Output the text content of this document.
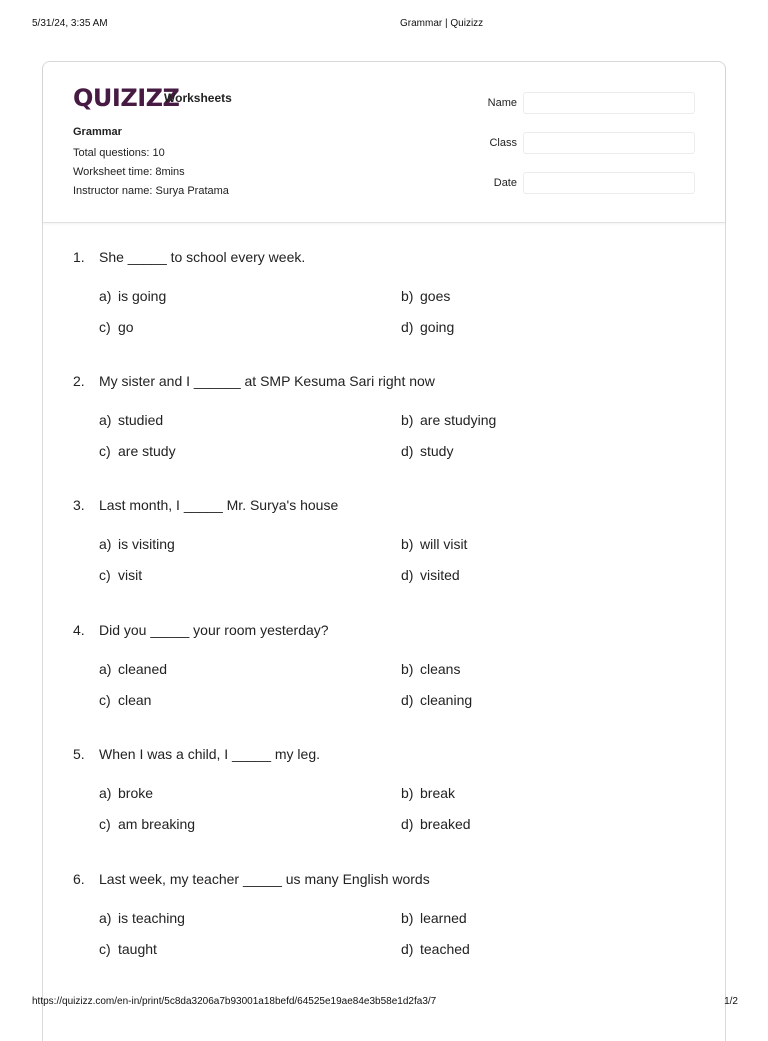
5/31/24, 3:35 AM	Grammar | Quizizz
QUIZIZZ
Worksheets
Grammar
Total questions: 10
Worksheet time: 8mins
Instructor name: Surya Pratama
Name
Class
Date
1. She _____ to school every week.
a) is going	b) goes
c) go	d) going
2. My sister and I ______ at SMP Kesuma Sari right now
a) studied	b) are studying
c) are study	d) study
3. Last month, I _____ Mr. Surya's house
a) is visiting	b) will visit
c) visit	d) visited
4. Did you _____ your room yesterday?
a) cleaned	b) cleans
c) clean	d) cleaning
5. When I was a child, I _____ my leg.
a) broke	b) break
c) am breaking	d) breaked
6. Last week, my teacher _____ us many English words
a) is teaching	b) learned
c) taught	d) teached
https://quizizz.com/en-in/print/5c8da3206a7b93001a18befd/64525e19ae84e3b58e1d2fa3/7	1/2
